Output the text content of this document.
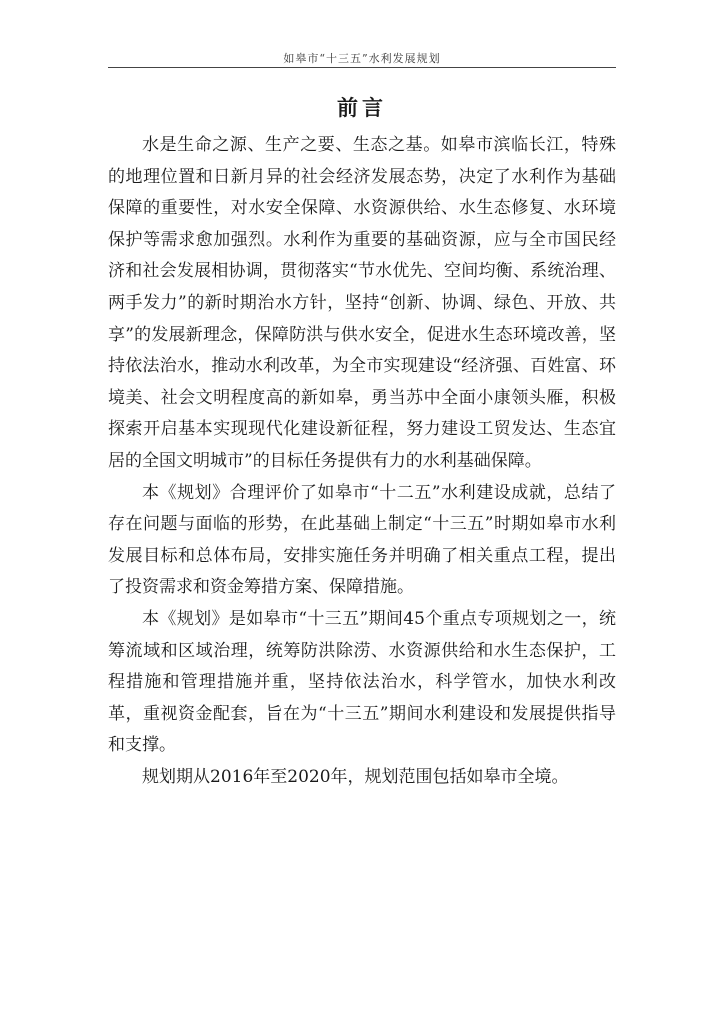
如皋市“十三五”水利发展规划
前言

水是生命之源、生产之要、生态之基。如皋市滨临长江，特殊的地理位置和日新月异的社会经济发展态势，决定了水利作为基础保障的重要性，对水安全保障、水资源供给、水生态修复、水环境保护等需求愈加强烈。水利作为重要的基础资源，应与全市国民经济和社会发展相协调，贯彻落实“节水优先、空间均衡、系统治理、两手发力”的新时期治水方针，坚持“创新、协调、绿色、开放、共享”的发展新理念，保障防洪与供水安全，促进水生态环境改善，坚持依法治水，推动水利改革，为全市实现建设“经济强、百姓富、环境美、社会文明程度高的新如皋，勇当苏中全面小康领头雁，积极探索开启基本实现现代化建设新征程，努力建设工贸发达、生态宜居的全国文明城市”的目标任务提供有力的水利基础保障。

本《规划》合理评价了如皋市“十二五”水利建设成就，总结了存在问题与面临的形势，在此基础上制定“十三五”时期如皋市水利发展目标和总体布局，安排实施任务并明确了相关重点工程，提出了投资需求和资金筹措方案、保障措施。

本《规划》是如皋市“十三五”期间45个重点专项规划之一，统筹流域和区域治理，统筹防洪除涝、水资源供给和水生态保护，工程措施和管理措施并重，坚持依法治水，科学管水，加快水利改革，重视资金配套，旨在为“十三五”期间水利建设和发展提供指导和支撑。

规划期从2016年至2020年，规划范围包括如皋市全境。
